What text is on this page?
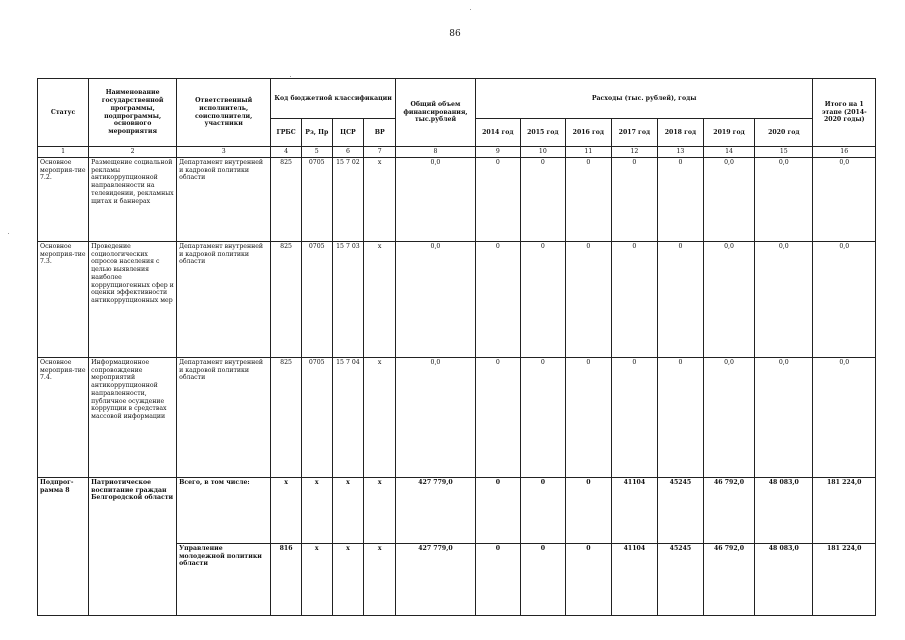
86
Статус	Наименование государственной программы, подпрограммы, основного мероприятия	Ответственный исполнитель, соисполнители, участники	Код бюджетной классификации				Общий объем финансирования, тыс.рублей	Расходы (тыс. рублей), годы							Итого на 1 этапе (2014-2020 годы)
			ГРБС	Рз, Пр	ЦСР	ВР		2014 год	2015 год	2016 год	2017 год	2018 год	2019 год	2020 год	
1	2	3	4	5	6	7	8	9	10	11	12	13	14	15	16
Основное мероприя-тие 7.2.	Размещение социальной рекламы антикоррупционной направленности на телевидении, рекламных щитах и баннерах	Департамент внутренней и кадровой политики области	825	0705	15 7 02	х	0,0	0	0	0	0	0	0,0	0,0	0,0
Основное мероприя-тие 7.3.	Проведение социологических опросов населения с целью выявления наиболее коррупциогенных сфер и оценки эффективности антикоррупционных мер	Департамент внутренней и кадровой политики области	825	0705	15 7 03	х	0,0	0	0	0	0	0	0,0	0,0	0,0
Основное мероприя-тие 7.4.	Информационное сопровождение мероприятий антикоррупционной направленности, публичное осуждение коррупции в средствах массовой информации	Департамент внутренней и кадровой политики области	825	0705	15 7 04	х	0,0	0	0	0	0	0	0,0	0,0	0,0
Подпрог-рамма 8	Патриотическое воспитание граждан Белгородской области	Всего, в том числе:	х	х	х	х	427 779,0	0	0	0	41104	45245	46 792,0	48 083,0	181 224,0
		Управление молодежной политики области	816	х	х	х	427 779,0	0	0	0	41104	45245	46 792,0	48 083,0	181 224,0
